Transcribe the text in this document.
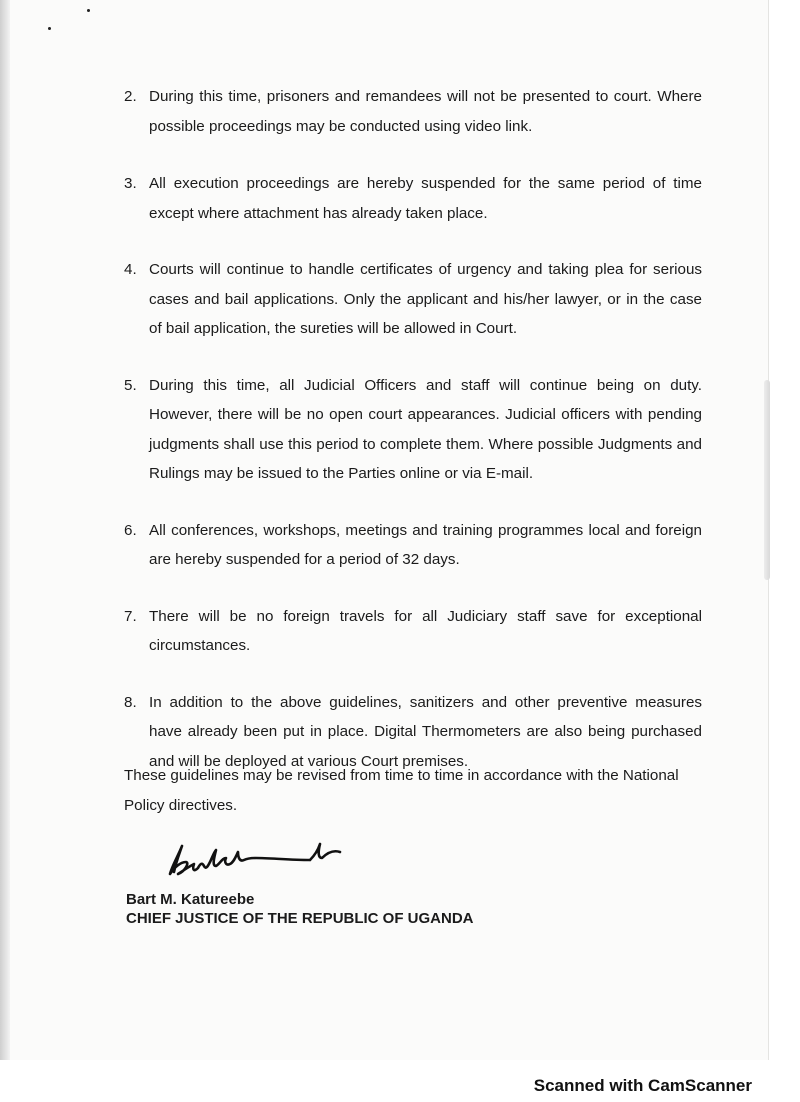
2. During this time, prisoners and remandees will not be presented to court. Where possible proceedings may be conducted using video link.
3. All execution proceedings are hereby suspended for the same period of time except where attachment has already taken place.
4. Courts will continue to handle certificates of urgency and taking plea for serious cases and bail applications. Only the applicant and his/her lawyer, or in the case of bail application, the sureties will be allowed in Court.
5. During this time, all Judicial Officers and staff will continue being on duty. However, there will be no open court appearances. Judicial officers with pending judgments shall use this period to complete them. Where possible Judgments and Rulings may be issued to the Parties online or via E-mail.
6. All conferences, workshops, meetings and training programmes local and foreign are hereby suspended for a period of 32 days.
7. There will be no foreign travels for all Judiciary staff save for exceptional circumstances.
8. In addition to the above guidelines, sanitizers and other preventive measures have already been put in place. Digital Thermometers are also being purchased and will be deployed at various Court premises.

These guidelines may be revised from time to time in accordance with the National Policy directives.

Bart M. Katureebe
CHIEF JUSTICE OF THE REPUBLIC OF UGANDA
Scanned with CamScanner
